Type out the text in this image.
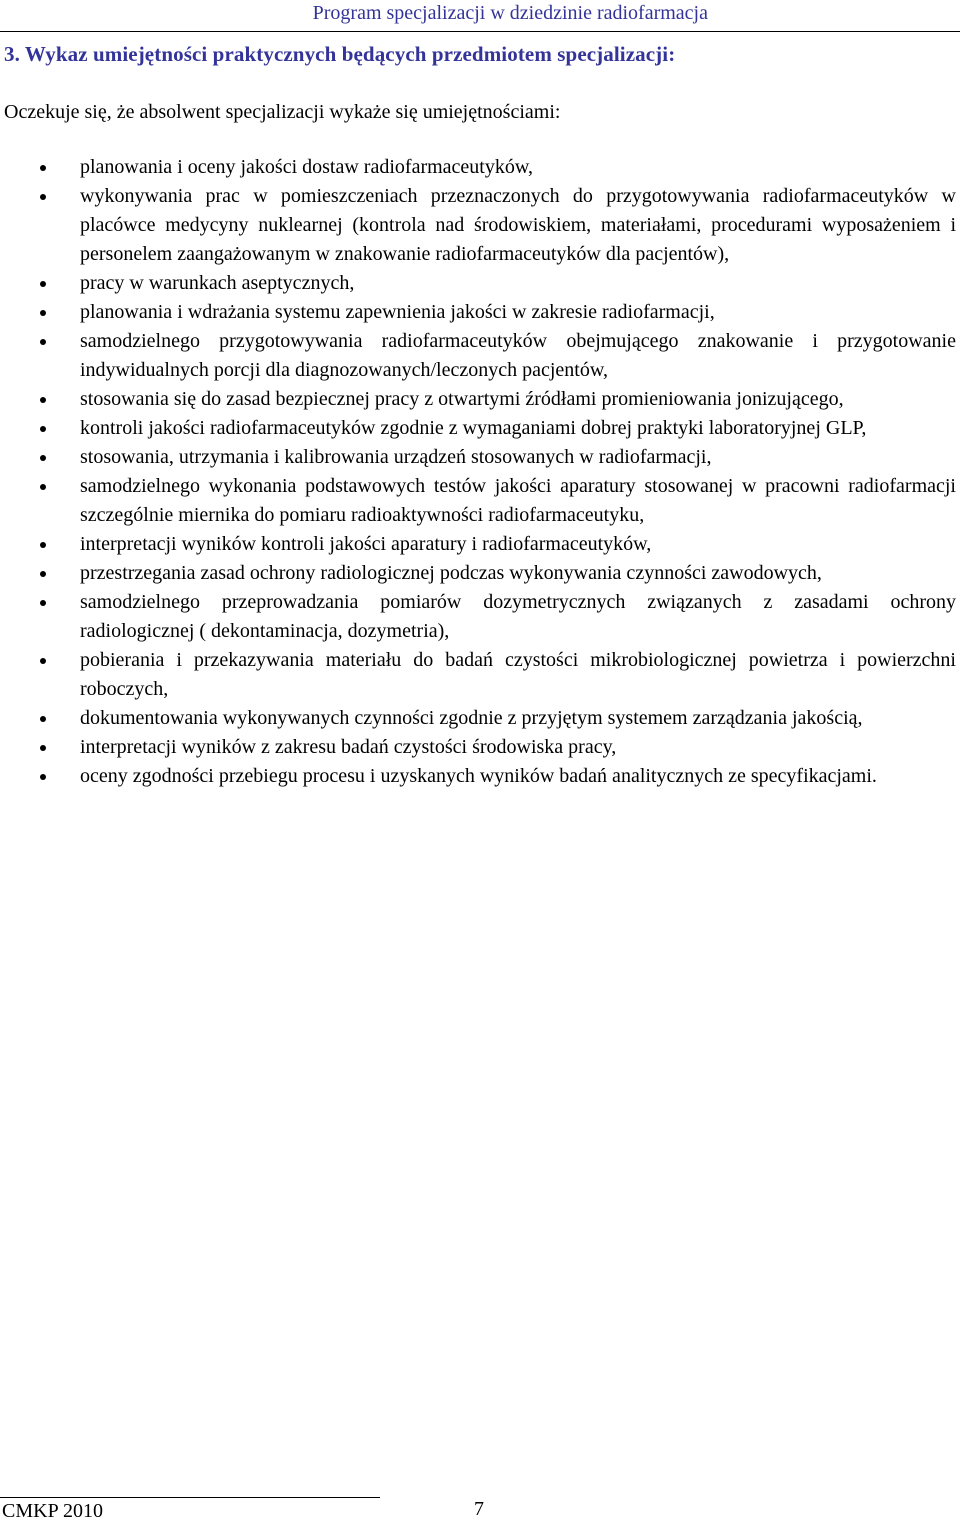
Program specjalizacji w dziedzinie radiofarmacja
3. Wykaz umiejętności praktycznych będących przedmiotem specjalizacji:

Oczekuje się, że absolwent specjalizacji wykaże się umiejętnościami:

planowania i oceny jakości dostaw radiofarmaceutyków,
wykonywania prac w pomieszczeniach przeznaczonych do przygotowywania radiofarmaceutyków w placówce medycyny nuklearnej (kontrola nad środowiskiem, materiałami, procedurami wyposażeniem i personelem zaangażowanym w znakowanie radiofarmaceutyków dla pacjentów),
pracy w warunkach aseptycznych,
planowania i wdrażania systemu zapewnienia jakości w zakresie radiofarmacji,
samodzielnego przygotowywania radiofarmaceutyków obejmującego znakowanie i przygotowanie indywidualnych porcji dla diagnozowanych/leczonych pacjentów,
stosowania się do zasad bezpiecznej pracy z otwartymi źródłami promieniowania jonizującego,
kontroli jakości radiofarmaceutyków zgodnie z wymaganiami dobrej praktyki laboratoryjnej GLP,
stosowania, utrzymania i kalibrowania urządzeń stosowanych w radiofarmacji,
samodzielnego wykonania podstawowych testów jakości aparatury stosowanej w pracowni radiofarmacji szczególnie miernika do pomiaru radioaktywności radiofarmaceutyku,
interpretacji wyników kontroli jakości aparatury i radiofarmaceutyków,
przestrzegania zasad ochrony radiologicznej podczas wykonywania czynności zawodowych,
samodzielnego przeprowadzania pomiarów dozymetrycznych związanych z zasadami ochrony radiologicznej ( dekontaminacja, dozymetria),
pobierania i przekazywania materiału do badań czystości mikrobiologicznej powietrza i powierzchni roboczych,
dokumentowania wykonywanych czynności zgodnie z przyjętym systemem zarządzania jakością,
interpretacji wyników z zakresu badań czystości środowiska pracy,
oceny zgodności przebiegu procesu i uzyskanych wyników badań analitycznych ze specyfikacjami.
CMKP 2010	7
